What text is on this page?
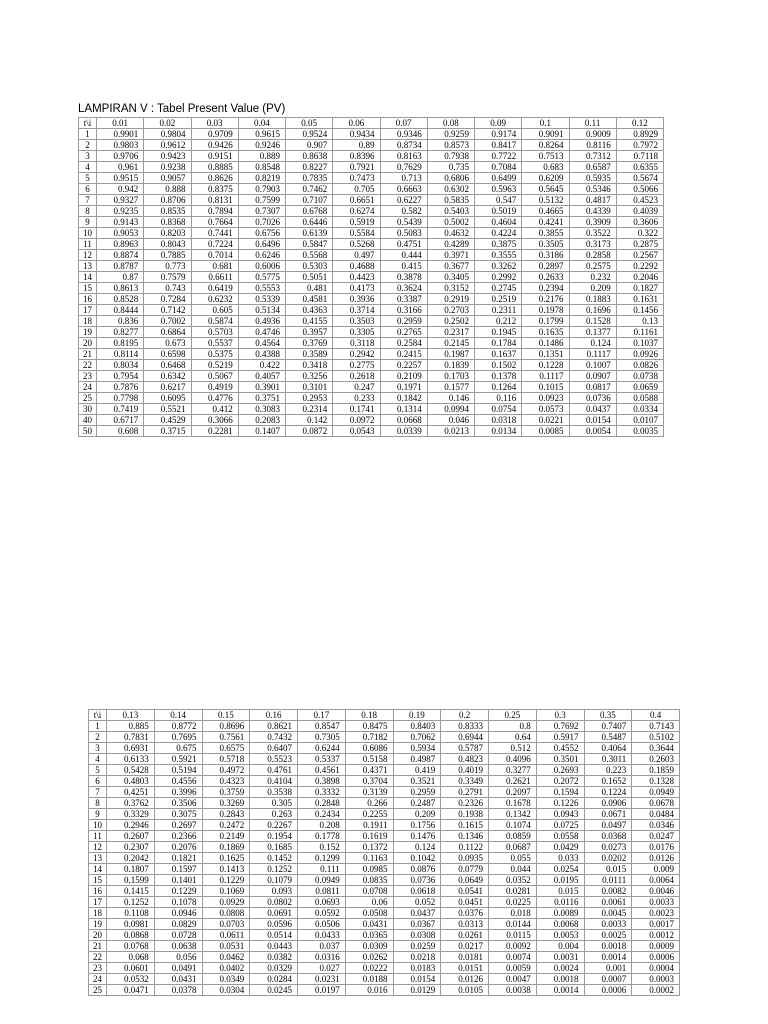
LAMPIRAN V : Tabel Present Value (PV)
t\i	0.01	0.02	0.03	0.04	0.05	0.06	0.07	0.08	0.09	0.1	0.11	0.12
1	0.9901	0.9804	0.9709	0.9615	0.9524	0.9434	0.9346	0.9259	0.9174	0.9091	0.9009	0.8929
2	0.9803	0.9612	0.9426	0.9246	0.907	0.89	0.8734	0.8573	0.8417	0.8264	0.8116	0.7972
3	0.9706	0.9423	0.9151	0.889	0.8638	0.8396	0.8163	0.7938	0.7722	0.7513	0.7312	0.7118
4	0.961	0.9238	0.8885	0.8548	0.8227	0.7921	0.7629	0.735	0.7084	0.683	0.6587	0.6355
5	0.9515	0.9057	0.8626	0.8219	0.7835	0.7473	0.713	0.6806	0.6499	0.6209	0.5935	0.5674
6	0.942	0.888	0.8375	0.7903	0.7462	0.705	0.6663	0.6302	0.5963	0.5645	0.5346	0.5066
7	0.9327	0.8706	0.8131	0.7599	0.7107	0.6651	0.6227	0.5835	0.547	0.5132	0.4817	0.4523
8	0.9235	0.8535	0.7894	0.7307	0.6768	0.6274	0.582	0.5403	0.5019	0.4665	0.4339	0.4039
9	0.9143	0.8368	0.7664	0.7026	0.6446	0.5919	0.5439	0.5002	0.4604	0.4241	0.3909	0.3606
10	0.9053	0.8203	0.7441	0.6756	0.6139	0.5584	0.5083	0.4632	0.4224	0.3855	0.3522	0.322
11	0.8963	0.8043	0.7224	0.6496	0.5847	0.5268	0.4751	0.4289	0.3875	0.3505	0.3173	0.2875
12	0.8874	0.7885	0.7014	0.6246	0.5568	0.497	0.444	0.3971	0.3555	0.3186	0.2858	0.2567
13	0.8787	0.773	0.681	0.6006	0.5303	0.4688	0.415	0.3677	0.3262	0.2897	0.2575	0.2292
14	0.87	0.7579	0.6611	0.5775	0.5051	0.4423	0.3878	0.3405	0.2992	0.2633	0.232	0.2046
15	0.8613	0.743	0.6419	0.5553	0.481	0.4173	0.3624	0.3152	0.2745	0.2394	0.209	0.1827
16	0.8528	0.7284	0.6232	0.5339	0.4581	0.3936	0.3387	0.2919	0.2519	0.2176	0.1883	0.1631
17	0.8444	0.7142	0.605	0.5134	0.4363	0.3714	0.3166	0.2703	0.2311	0.1978	0.1696	0.1456
18	0.836	0.7002	0.5874	0.4936	0.4155	0.3503	0.2959	0.2502	0.212	0.1799	0.1528	0.13
19	0.8277	0.6864	0.5703	0.4746	0.3957	0.3305	0.2765	0.2317	0.1945	0.1635	0.1377	0.1161
20	0.8195	0.673	0.5537	0.4564	0.3769	0.3118	0.2584	0.2145	0.1784	0.1486	0.124	0.1037
21	0.8114	0.6598	0.5375	0.4388	0.3589	0.2942	0.2415	0.1987	0.1637	0.1351	0.1117	0.0926
22	0.8034	0.6468	0.5219	0.422	0.3418	0.2775	0.2257	0.1839	0.1502	0.1228	0.1007	0.0826
23	0.7954	0.6342	0.5067	0.4057	0.3256	0.2618	0.2109	0.1703	0.1378	0.1117	0.0907	0.0738
24	0.7876	0.6217	0.4919	0.3901	0.3101	0.247	0.1971	0.1577	0.1264	0.1015	0.0817	0.0659
25	0.7798	0.6095	0.4776	0.3751	0.2953	0.233	0.1842	0.146	0.116	0.0923	0.0736	0.0588
30	0.7419	0.5521	0.412	0.3083	0.2314	0.1741	0.1314	0.0994	0.0754	0.0573	0.0437	0.0334
40	0.6717	0.4529	0.3066	0.2083	0.142	0.0972	0.0668	0.046	0.0318	0.0221	0.0154	0.0107
50	0.608	0.3715	0.2281	0.1407	0.0872	0.0543	0.0339	0.0213	0.0134	0.0085	0.0054	0.0035
t\i	0.13	0.14	0.15	0.16	0.17	0.18	0.19	0.2	0.25	0.3	0.35	0.4
1	0.885	0.8772	0.8696	0.8621	0.8547	0.8475	0.8403	0.8333	0.8	0.7692	0.7407	0.7143
2	0.7831	0.7695	0.7561	0.7432	0.7305	0.7182	0.7062	0.6944	0.64	0.5917	0.5487	0.5102
3	0.6931	0.675	0.6575	0.6407	0.6244	0.6086	0.5934	0.5787	0.512	0.4552	0.4064	0.3644
4	0.6133	0.5921	0.5718	0.5523	0.5337	0.5158	0.4987	0.4823	0.4096	0.3501	0.3011	0.2603
5	0.5428	0.5194	0.4972	0.4761	0.4561	0.4371	0.419	0.4019	0.3277	0.2693	0.223	0.1859
6	0.4803	0.4556	0.4323	0.4104	0.3898	0.3704	0.3521	0.3349	0.2621	0.2072	0.1652	0.1328
7	0.4251	0.3996	0.3759	0.3538	0.3332	0.3139	0.2959	0.2791	0.2097	0.1594	0.1224	0.0949
8	0.3762	0.3506	0.3269	0.305	0.2848	0.266	0.2487	0.2326	0.1678	0.1226	0.0906	0.0678
9	0.3329	0.3075	0.2843	0.263	0.2434	0.2255	0.209	0.1938	0.1342	0.0943	0.0671	0.0484
10	0.2946	0.2697	0.2472	0.2267	0.208	0.1911	0.1756	0.1615	0.1074	0.0725	0.0497	0.0346
11	0.2607	0.2366	0.2149	0.1954	0.1778	0.1619	0.1476	0.1346	0.0859	0.0558	0.0368	0.0247
12	0.2307	0.2076	0.1869	0.1685	0.152	0.1372	0.124	0.1122	0.0687	0.0429	0.0273	0.0176
13	0.2042	0.1821	0.1625	0.1452	0.1299	0.1163	0.1042	0.0935	0.055	0.033	0.0202	0.0126
14	0.1807	0.1597	0.1413	0.1252	0.111	0.0985	0.0876	0.0779	0.044	0.0254	0.015	0.009
15	0.1599	0.1401	0.1229	0.1079	0.0949	0.0835	0.0736	0.0649	0.0352	0.0195	0.0111	0.0064
16	0.1415	0.1229	0.1069	0.093	0.0811	0.0708	0.0618	0.0541	0.0281	0.015	0.0082	0.0046
17	0.1252	0.1078	0.0929	0.0802	0.0693	0.06	0.052	0.0451	0.0225	0.0116	0.0061	0.0033
18	0.1108	0.0946	0.0808	0.0691	0.0592	0.0508	0.0437	0.0376	0.018	0.0089	0.0045	0.0023
19	0.0981	0.0829	0.0703	0.0596	0.0506	0.0431	0.0367	0.0313	0.0144	0.0068	0.0033	0.0017
20	0.0868	0.0728	0.0611	0.0514	0.0433	0.0365	0.0308	0.0261	0.0115	0.0053	0.0025	0.0012
21	0.0768	0.0638	0.0531	0.0443	0.037	0.0309	0.0259	0.0217	0.0092	0.004	0.0018	0.0009
22	0.068	0.056	0.0462	0.0382	0.0316	0.0262	0.0218	0.0181	0.0074	0.0031	0.0014	0.0006
23	0.0601	0.0491	0.0402	0.0329	0.027	0.0222	0.0183	0.0151	0.0059	0.0024	0.001	0.0004
24	0.0532	0.0431	0.0349	0.0284	0.0231	0.0188	0.0154	0.0126	0.0047	0.0018	0.0007	0.0003
25	0.0471	0.0378	0.0304	0.0245	0.0197	0.016	0.0129	0.0105	0.0038	0.0014	0.0006	0.0002
